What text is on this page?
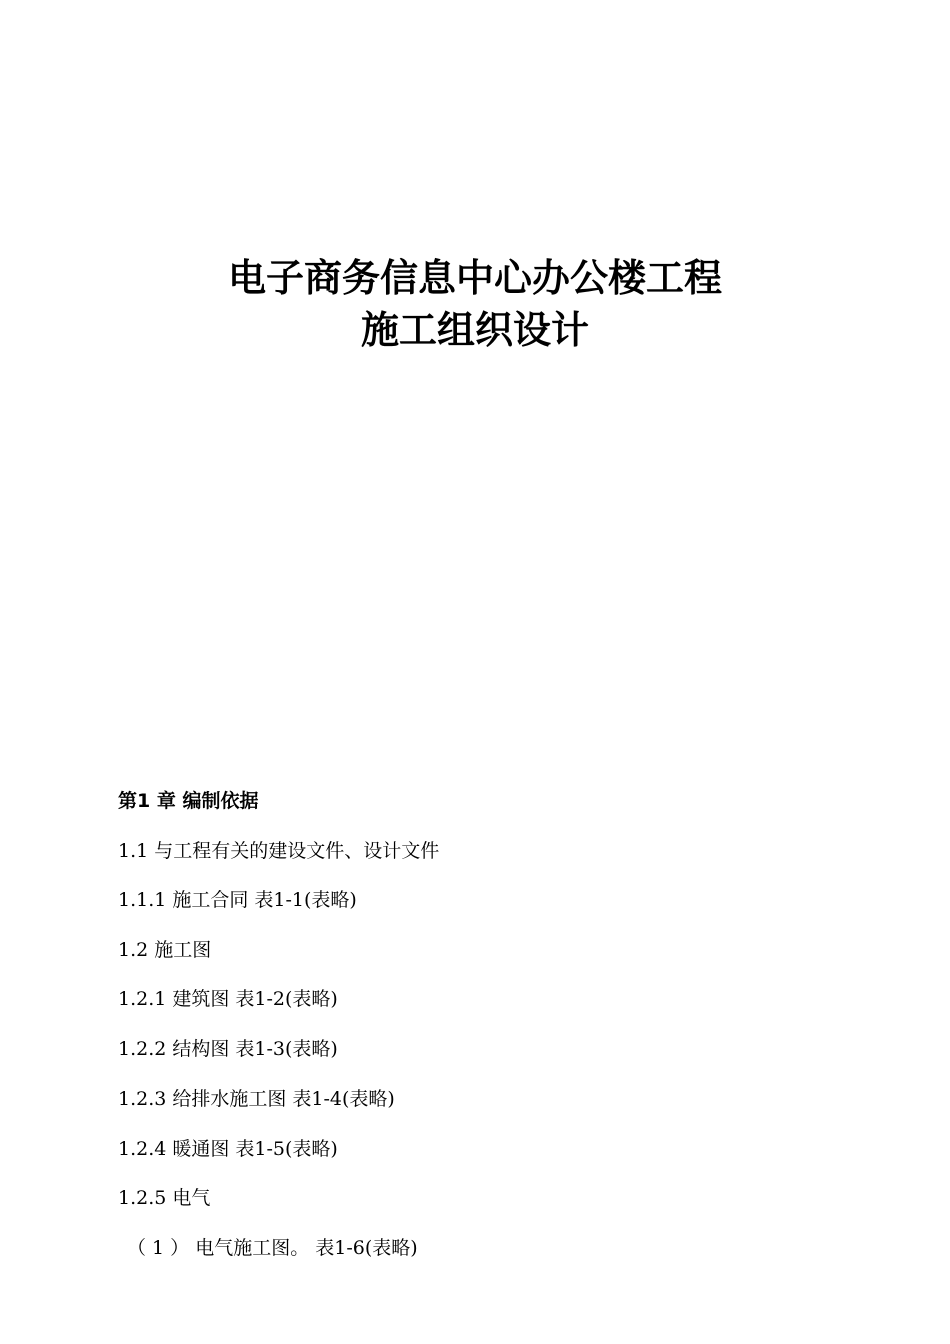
电子商务信息中心办公楼工程
施工组织设计
第1 章 编制依据
1.1 与工程有关的建设文件、设计文件
1.1.1 施工合同 表1-1(表略)
1.2 施工图
1.2.1 建筑图 表1-2(表略)
1.2.2 结构图 表1-3(表略)
1.2.3 给排水施工图 表1-4(表略)
1.2.4 暖通图 表1-5(表略)
1.2.5 电气
（ 1 ） 电气施工图。 表1-6(表略)
